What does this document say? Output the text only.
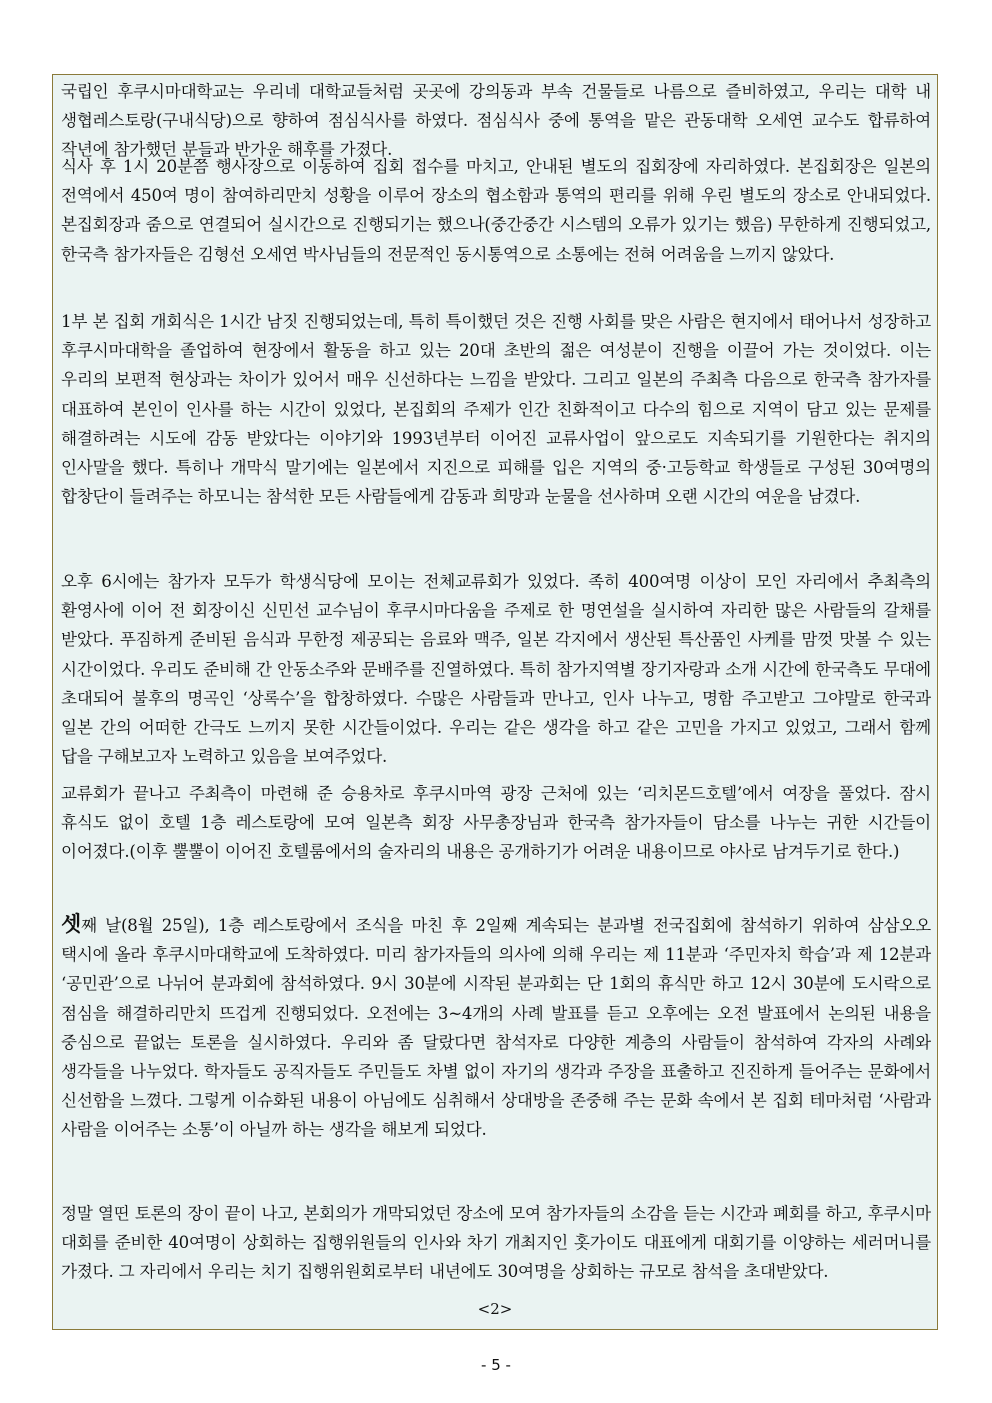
국립인 후쿠시마대학교는 우리네 대학교들처럼 곳곳에 강의동과 부속 건물들로 나름으로 즐비하였고, 우리는 대학 내 생협레스토랑(구내식당)으로 향하여 점심식사를 하였다. 점심식사 중에 통역을 맡은 관동대학 오세연 교수도 합류하여 작년에 참가했던 분들과 반가운 해후를 가졌다.

식사 후 1시 20분쯤 행사장으로 이동하여 집회 접수를 마치고, 안내된 별도의 집회장에 자리하였다. 본집회장은 일본의 전역에서 450여 명이 참여하리만치 성황을 이루어 장소의 협소함과 통역의 편리를 위해 우린 별도의 장소로 안내되었다. 본집회장과 줌으로 연결되어 실시간으로 진행되기는 했으나(중간중간 시스템의 오류가 있기는 했음) 무한하게 진행되었고, 한국측 참가자들은 김형선 오세연 박사님들의 전문적인 동시통역으로 소통에는 전혀 어려움을 느끼지 않았다.

1부 본 집회 개회식은 1시간 남짓 진행되었는데, 특히 특이했던 것은 진행 사회를 맞은 사람은 현지에서 태어나서 성장하고 후쿠시마대학을 졸업하여 현장에서 활동을 하고 있는 20대 초반의 젊은 여성분이 진행을 이끌어 가는 것이었다. 이는 우리의 보편적 현상과는 차이가 있어서 매우 신선하다는 느낌을 받았다. 그리고 일본의 주최측 다음으로 한국측 참가자를 대표하여 본인이 인사를 하는 시간이 있었다, 본집회의 주제가 인간 친화적이고 다수의 힘으로 지역이 담고 있는 문제를 해결하려는 시도에 감동 받았다는 이야기와 1993년부터 이어진 교류사업이 앞으로도 지속되기를 기원한다는 취지의 인사말을 했다. 특히나 개막식 말기에는 일본에서 지진으로 피해를 입은 지역의 중·고등학교 학생들로 구성된 30여명의 합창단이 들려주는 하모니는 참석한 모든 사람들에게 감동과 희망과 눈물을 선사하며 오랜 시간의 여운을 남겼다.

오후 6시에는 참가자 모두가 학생식당에 모이는 전체교류회가 있었다. 족히 400여명 이상이 모인 자리에서 추최측의 환영사에 이어 전 회장이신 신민선 교수님이 후쿠시마다움을 주제로 한 명연설을 실시하여 자리한 많은 사람들의 갈채를 받았다. 푸짐하게 준비된 음식과 무한정 제공되는 음료와 맥주, 일본 각지에서 생산된 특산품인 사케를 맘껏 맛볼 수 있는 시간이었다. 우리도 준비해 간 안동소주와 문배주를 진열하였다. 특히 참가지역별 장기자랑과 소개 시간에 한국측도 무대에 초대되어 불후의 명곡인 ‘상록수’을 합창하였다. 수많은 사람들과 만나고, 인사 나누고, 명함 주고받고 그야말로 한국과 일본 간의 어떠한 간극도 느끼지 못한 시간들이었다. 우리는 같은 생각을 하고 같은 고민을 가지고 있었고, 그래서 함께 답을 구해보고자 노력하고 있음을 보여주었다.

교류회가 끝나고 주최측이 마련해 준 승용차로 후쿠시마역 광장 근처에 있는 ‘리치몬드호텔’에서 여장을 풀었다. 잠시 휴식도 없이 호텔 1층 레스토랑에 모여 일본측 회장 사무총장님과 한국측 참가자들이 담소를 나누는 귀한 시간들이 이어졌다.(이후 뿔뿔이 이어진 호텔룸에서의 술자리의 내용은 공개하기가 어려운 내용이므로 야사로 남겨두기로 한다.)

셋째 날(8월 25일), 1층 레스토랑에서 조식을 마친 후 2일째 계속되는 분과별 전국집회에 참석하기 위하여 삼삼오오 택시에 올라 후쿠시마대학교에 도착하였다. 미리 참가자들의 의사에 의해 우리는 제 11분과 ‘주민자치 학습’과 제 12분과 ‘공민관’으로 나뉘어 분과회에 참석하였다. 9시 30분에 시작된 분과회는 단 1회의 휴식만 하고 12시 30분에 도시락으로 점심을 해결하리만치 뜨겁게 진행되었다. 오전에는 3~4개의 사례 발표를 듣고 오후에는 오전 발표에서 논의된 내용을 중심으로 끝없는 토론을 실시하였다. 우리와 좀 달랐다면 참석자로 다양한 계층의 사람들이 참석하여 각자의 사례와 생각들을 나누었다. 학자들도 공직자들도 주민들도 차별 없이 자기의 생각과 주장을 표출하고 진진하게 들어주는 문화에서 신선함을 느꼈다. 그렇게 이슈화된 내용이 아님에도 심취해서 상대방을 존중해 주는 문화 속에서 본 집회 테마처럼 ‘사람과 사람을 이어주는 소통’이 아닐까 하는 생각을 해보게 되었다.

정말 열띤 토론의 장이 끝이 나고, 본회의가 개막되었던 장소에 모여 참가자들의 소감을 듣는 시간과 폐회를 하고, 후쿠시마 대회를 준비한 40여명이 상회하는 집행위원들의 인사와 차기 개최지인 홋가이도 대표에게 대회기를 이양하는 세러머니를 가졌다. 그 자리에서 우리는 치기 집행위원회로부터 내년에도 30여명을 상회하는 규모로 참석을 초대받았다.

<2>
- 5 -
